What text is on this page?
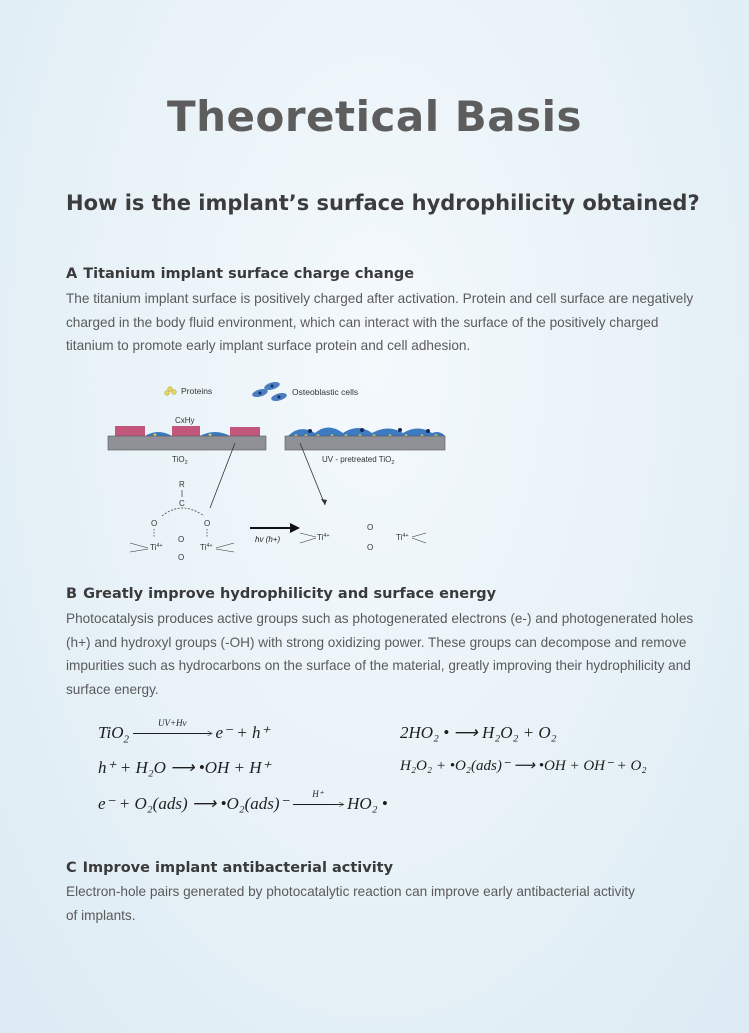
Theoretical Basis
How is the implant’s surface hydrophilicity obtained?
A Titanium implant surface charge change
The titanium implant surface is positively charged after activation. Protein and cell surface are negatively charged in the body fluid environment, which can interact with the surface of the positively charged titanium to promote early implant surface protein and cell adhesion.
Proteins	Osteoblastic cells
CxHy
TiO$_2$	UV - pretreated TiO$_2$
R
C
O	O
$Ti^{4+}$	$Ti^{4+}$
O
O
hv (h+)	$Ti^{4+}$
O
O
$Ti^{4+}$
B Greatly improve hydrophilicity and surface energy
Photocatalysis produces active groups such as photogenerated electrons (e-) and photogenerated holes (h+) and hydroxyl groups (-OH) with strong oxidizing power. These groups can decompose and remove impurities such as hydrocarbons on the surface of the material, greatly improving their hydrophilicity and surface energy.
TiO$_2$ $^{UV+Hv}$
> e⁻ + h⁺
h⁺ + H₂O ⟶ •OH + H⁺
e⁻ + O₂(ads) ⟶ •O₂(ads)⁻	$^{H^+}$
> HO₂ •
2HO₂ • ⟶ H₂O₂ + O₂
H₂O₂ + •O₂(ads)⁻ ⟶ •OH + OH⁻ + O₂
C Improve implant antibacterial activity
Electron-hole pairs generated by photocatalytic reaction can improve early antibacterial activity of implants.
